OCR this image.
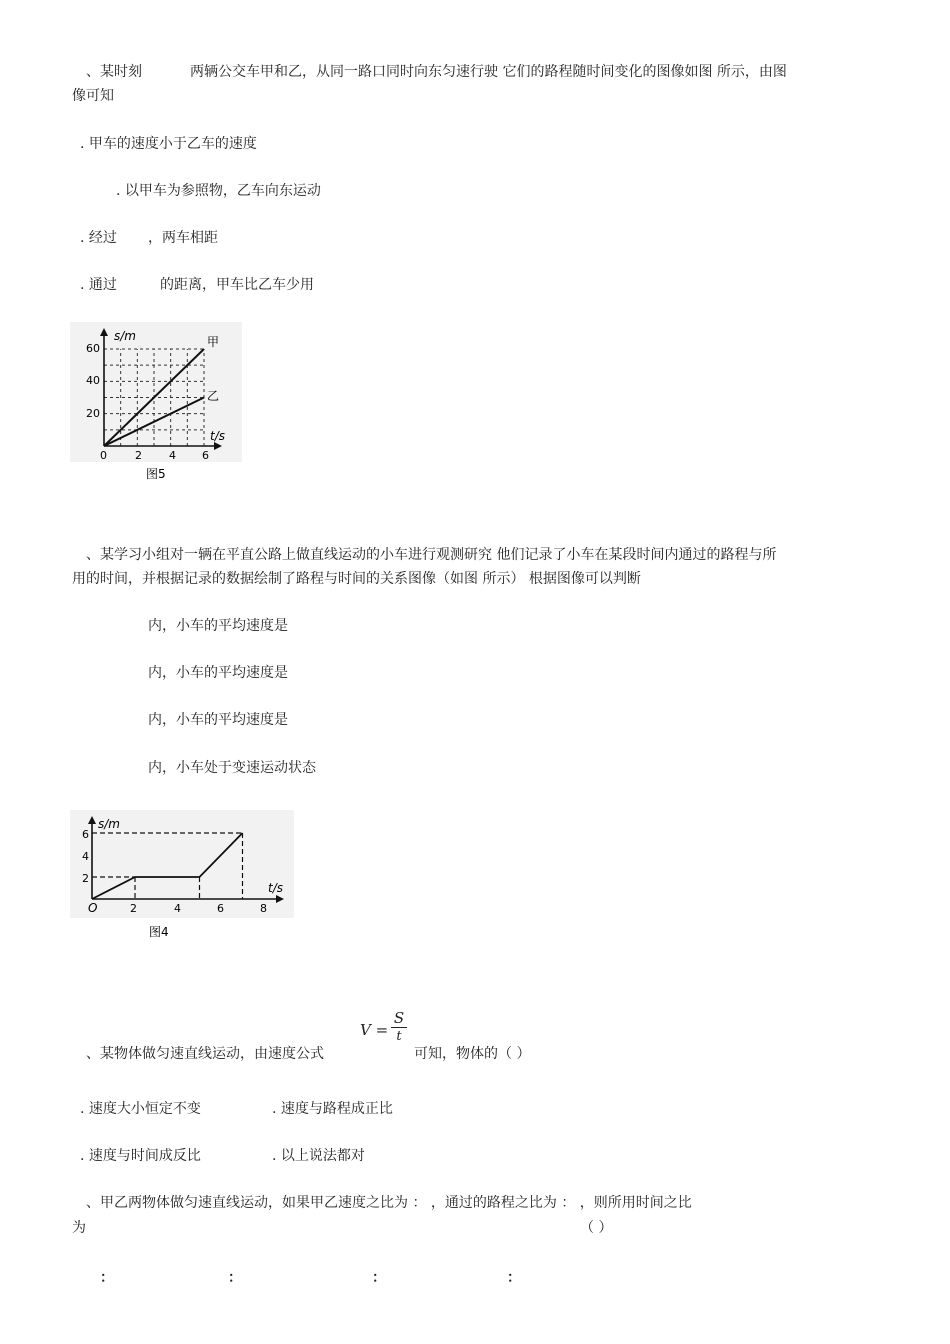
、某时刻	两辆公交车甲和乙，从同一路口同时向东匀速行驶 它们的路程随时间变化的图像如图 所示，由图
像可知
. 甲车的速度小于乙车的速度
. 以甲车为参照物，乙车向东运动
. 经过 ，两车相距
. 通过	的距离，甲车比乙车少用
s/m
t/s
20
40
60
0	2 4 6
甲
乙
图5
、某学习小组对一辆在平直公路上做直线运动的小车进行观测研究 他们记录了小车在某段时间内通过的路程与所
用的时间，并根据记录的数据绘制了路程与时间的关系图像（如图 所示） 根据图像可以判断
内，小车的平均速度是
内，小车的平均速度是
内，小车的平均速度是
内，小车处于变速运动状态
s/m
t/s
O
2
4
6
2	4	6	8
图4
$V = \frac{S}{t}$
、某物体做匀速直线运动，由速度公式	可知，物体的（ ）
. 速度大小恒定不变	. 速度与路程成正比
. 速度与时间成反比	. 以上说法都对
、甲乙两物体做匀速直线运动，如果甲乙速度之比为 ： ，通过的路程之比为 ： ，则所用时间之比
为	（ ）
：	：	：	：
